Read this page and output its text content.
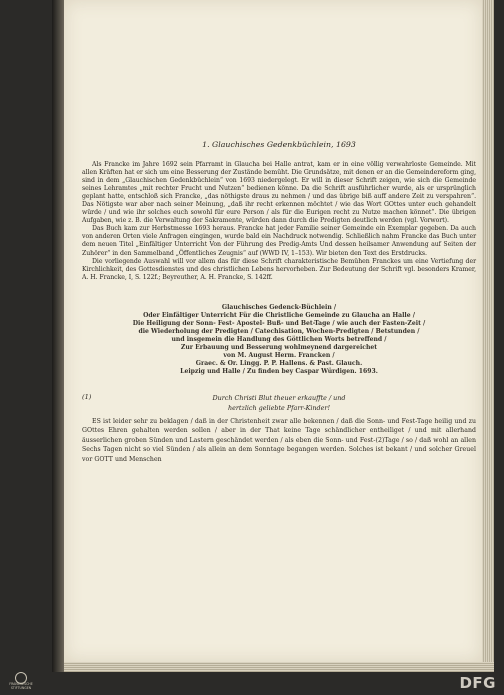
1. Glauchisches Gedenkbüchlein, 1693

Als Francke im Jahre 1692 sein Pfarramt in Glaucha bei Halle antrat, kam er in eine völlig verwahrloste Gemeinde. Mit allen Kräften hat er sich um eine Besserung der Zustände bemüht. Die Grundsätze, mit denen er an die Gemeindereform ging, sind in dem „Glauchischen Gedenkbüchlein“ von 1693 niedergelegt. Er will in dieser Schrift zeigen, wie sich die Gemeinde seines Lehramtes „mit rechter Frucht und Nutzen“ bedienen könne. Da die Schrift ausführlicher wurde, als er ursprünglich geplant hatte, entschloß sich Francke, „das nöthigste draus zu nehmen / und das übrige biß auff andere Zeit zu verspahren“. Das Nötigste war aber nach seiner Meinung, „daß ihr recht erkennen möchtet / wie das Wort GOttes unter euch gehandelt würde / und wie ihr solches euch sowohl für eure Person / als für die Eurigen recht zu Nutze machen könnet“. Die übrigen Aufgaben, wie z. B. die Verwaltung der Sakramente, würden dann durch die Predigten deutlich werden (vgl. Vorwort).

Das Buch kam zur Herbstmesse 1693 heraus. Francke hat jeder Familie seiner Gemeinde ein Exemplar gegeben. Da auch von anderen Orten viele Anfragen eingingen, wurde bald ein Nachdruck notwendig. Schließlich nahm Francke das Buch unter dem neuen Titel „Einfältiger Unterricht Von der Führung des Predig-Amts Und dessen heilsamer Anwendung auf Seiten der Zuhörer“ in den Sammelband „Öffentliches Zeugnis“ auf (WWD IV, 1–153). Wir bieten den Text des Erstdrucks.

Die vorliegende Auswahl will vor allem das für diese Schrift charakteristische Bemühen Franckes um eine Vertiefung der Kirchlichkeit, des Gottesdienstes und des christlichen Lebens hervorheben. Zur Bedeutung der Schrift vgl. besonders Kramer, A. H. Francke, I, S. 122f.; Beyreuther, A. H. Francke, S. 142ff.

Glauchisches Gedenck-Büchlein /
Oder Einfältiger Unterricht Für die Christliche Gemeinde zu Glaucha an Halle /
Die Heiligung der Sonn- Fest- Apostel- Buß- und Bet-Tage / wie auch der Fasten-Zeit /
die Wiederholung der Predigten / Catechisation, Wochen-Predigten / Betstunden /
und insgemein die Handlung des Göttlichen Worts betreffend /
Zur Erbauung und Besserung wohlmeynend dargereichet
von M. August Herm. Francken /
Graec. & Or. Lingg. P. P. Hallens. & Past. Glauch.
Leipzig und Halle / Zu finden bey Caspar Würdigen. 1693.
(1)	Durch Christi Blut theuer erkauffte / und
hertzlich geliebte Pfarr-Kinder!

ES ist leider sehr zu beklagen / daß in der Christenheit zwar alle bekennen / daß die Sonn- und Fest-Tage heilig und zu GOttes Ehren gehalten werden sollen / aber in der That keine Tage schändlicher entheiliget / und mit allerhand äusserlichen groben Sünden und Lastern geschändet werden / als eben die Sonn- und Fest-(2)Tage / so / daß wohl an allen Sechs Tagen nicht so viel Sünden / als allein an dem Sonntage begangen werden. Solches ist bekant / und solcher Greuel vor GOTT und Menschen

FRANCKESCHE STIFTUNGEN	DFG
